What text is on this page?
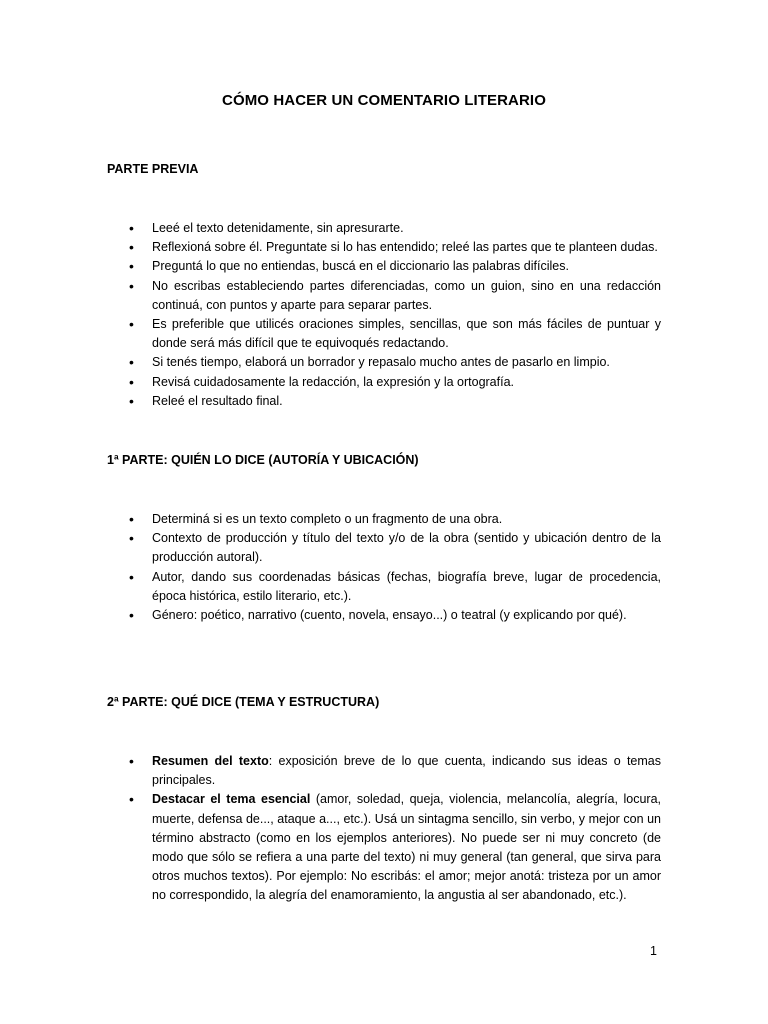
CÓMO HACER UN COMENTARIO LITERARIO
PARTE PREVIA
• Leeé el texto detenidamente, sin apresurarte.
• Reflexioná sobre él. Preguntate si lo has entendido; releé las partes que te planteen dudas.
• Preguntá lo que no entiendas, buscá en el diccionario las palabras difíciles.
• No escribas estableciendo partes diferenciadas, como un guion, sino en una redacción continuá, con puntos y aparte para separar partes.
• Es preferible que utilicés oraciones simples, sencillas, que son más fáciles de puntuar y donde será más difícil que te equivoqués redactando.
• Si tenés tiempo, elaborá un borrador y repasalo mucho antes de pasarlo en limpio.
• Revisá cuidadosamente la redacción, la expresión y la ortografía.
• Releé el resultado final.
1ª PARTE: QUIÉN LO DICE (AUTORÍA Y UBICACIÓN)
• Determiná si es un texto completo o un fragmento de una obra.
• Contexto de producción y título del texto y/o de la obra (sentido y ubicación dentro de la producción autoral).
• Autor, dando sus coordenadas básicas (fechas, biografía breve, lugar de procedencia, época histórica, estilo literario, etc.).
• Género: poético, narrativo (cuento, novela, ensayo...) o teatral (y explicando por qué).
2ª PARTE: QUÉ DICE (TEMA Y ESTRUCTURA)
• Resumen del texto: exposición breve de lo que cuenta, indicando sus ideas o temas principales.
• Destacar el tema esencial (amor, soledad, queja, violencia, melancolía, alegría, locura, muerte, defensa de..., ataque a..., etc.). Usá un sintagma sencillo, sin verbo, y mejor con un término abstracto (como en los ejemplos anteriores). No puede ser ni muy concreto (de modo que sólo se refiera a una parte del texto) ni muy general (tan general, que sirva para otros muchos textos). Por ejemplo: No escribás: el amor; mejor anotá: tristeza por un amor no correspondido, la alegría del enamoramiento, la angustia al ser abandonado, etc.).
1
